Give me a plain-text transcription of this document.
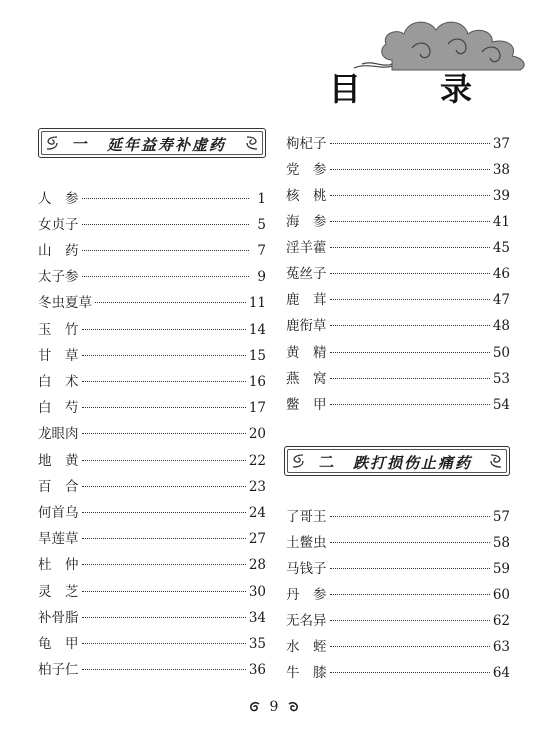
目 录
一 延年益寿补虚药
人　参	1
女贞子	5
山　药	7
太子参	9
冬虫夏草	11
玉　竹	14
甘　草	15
白　术	16
白　芍	17
龙眼肉	20
地　黄	22
百　合	23
何首乌	24
旱莲草	27
杜　仲	28
灵　芝	30
补骨脂	34
龟　甲	35
柏子仁	36
枸杞子	37
党　参	38
核　桃	39
海　参	41
淫羊藿	45
菟丝子	46
鹿　茸	47
鹿衔草	48
黄　精	50
燕　窝	53
鳖　甲	54
二 跌打损伤止痛药
了哥王	57
土鳖虫	58
马钱子	59
丹　参	60
无名异	62
水　蛭	63
牛　膝	64
9
